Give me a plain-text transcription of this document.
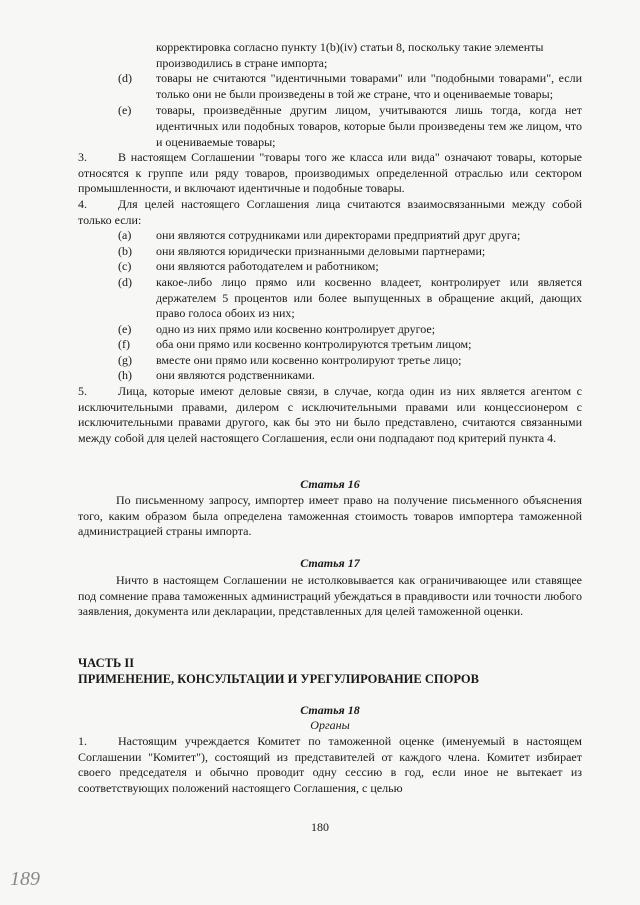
корректировка согласно пункту 1(b)(iv) статьи 8, поскольку такие элементы
производились в стране импорта;
(d) товары не считаются "идентичными товарами" или "подобными товарами", если только они не были произведены в той же стране, что и оцениваемые товары;
(e) товары, произведённые другим лицом, учитываются лишь тогда, когда нет идентичных или подобных товаров, которые были произведены тем же лицом, что и оцениваемые товары;
3.	В настоящем Соглашении "товары того же класса или вида" означают товары, которые относятся к группе или ряду товаров, производимых определенной отраслью или сектором промышленности, и включают идентичные и подобные товары.
4.	Для целей настоящего Соглашения лица считаются взаимосвязанными между собой только если:
(a) они являются сотрудниками или директорами предприятий друг друга;
(b) они являются юридически признанными деловыми партнерами;
(c) они являются работодателем и работником;
(d) какое-либо лицо прямо или косвенно владеет, контролирует или является держателем 5 процентов или более выпущенных в обращение акций, дающих право голоса обоих из них;
(e) одно из них прямо или косвенно контролирует другое;
(f) оба они прямо или косвенно контролируются третьим лицом;
(g) вместе они прямо или косвенно контролируют третье лицо;
(h) они являются родственниками.
5.	Лица, которые имеют деловые связи, в случае, когда один из них является агентом с исключительными правами, дилером с исключительными правами или концессионером с исключительными правами другого, как бы это ни было представлено, считаются связанными между собой для целей настоящего Соглашения, если они подпадают под критерий пункта 4.
Статья 16
По письменному запросу, импортер имеет право на получение письменного объяснения того, каким образом была определена таможенная стоимость товаров импортера таможенной администрацией страны импорта.
Статья 17
Ничто в настоящем Соглашении не истолковывается как ограничивающее или ставящее под сомнение права таможенных администраций убеждаться в правдивости или точности любого заявления, документа или декларации, представленных для целей таможенной оценки.
ЧАСТЬ II
ПРИМЕНЕНИЕ, КОНСУЛЬТАЦИИ И УРЕГУЛИРОВАНИЕ СПОРОВ
Статья 18
Органы
1.	Настоящим учреждается Комитет по таможенной оценке (именуемый в настоящем Соглашении "Комитет"), состоящий из представителей от каждого члена. Комитет избирает своего председателя и обычно проводит одну сессию в год, если иное не вытекает из соответствующих положений настоящего Соглашения, с целью
180
189
